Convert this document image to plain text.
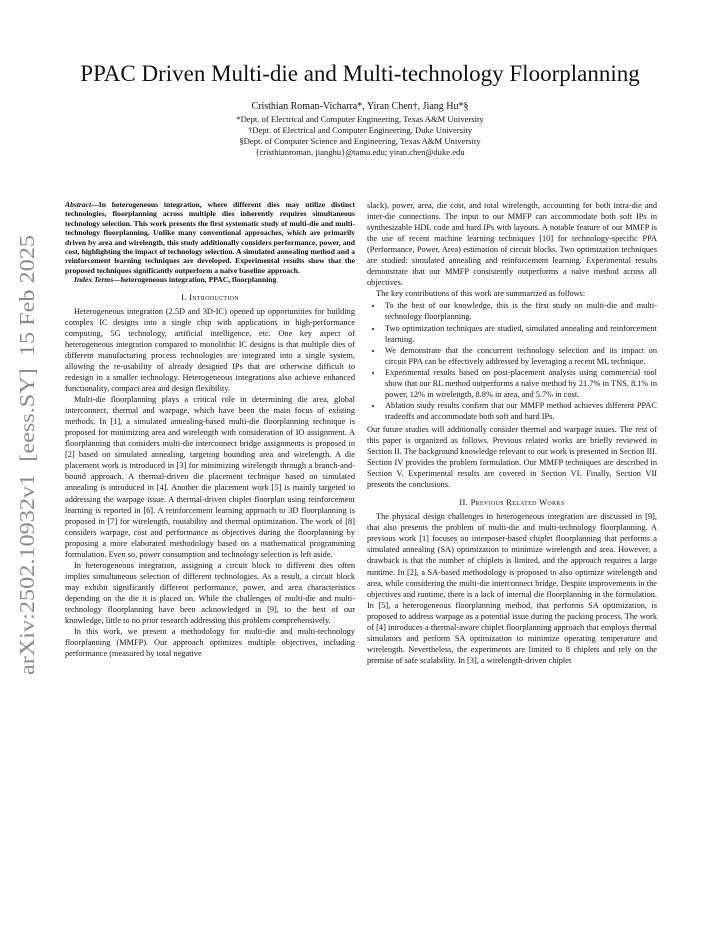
arXiv:2502.10932v1  [eess.SY]  15 Feb 2025
PPAC Driven Multi-die and Multi-technology Floorplanning
Cristhian Roman-Vicharra*, Yiran Chen†, Jiang Hu*§
*Dept. of Electrical and Computer Engineering, Texas A&M University
†Dept. of Electrical and Computer Engineering, Duke University
§Dept. of Computer Science and Engineering, Texas A&M University
{cristhianroman, jianghu}@tamu.edu; yiran.chen@duke.edu
Abstract—In heterogeneous integration, where different dies may utilize distinct technologies, floorplanning across multiple dies inherently requires simultaneous technology selection. This work presents the first systematic study of multi-die and multi-technology floorplanning. Unlike many conventional approaches, which are primarily driven by area and wirelength, this study additionally considers performance, power, and cost, highlighting the impact of technology selection. A simulated annealing method and a reinforcement learning techniques are developed. Experimental results show that the proposed techniques significantly outperform a naïve baseline approach.
Index Terms—heterogeneous integration, PPAC, floorplanning
I. Introduction

Heterogeneous integration (2.5D and 3D-IC) opened up opportunities for building complex IC designs into a single chip with applications in high-performance computing, 5G technology, artificial intelligence, etc. One key aspect of heterogeneous integration compared to monolithic IC designs is that multiple dies of different manufacturing process technologies are integrated into a single system, allowing the re-usability of already designed IPs that are otherwise difficult to redesign in a smaller technology. Heterogeneous integrations also achieve enhanced functionality, compact area and design flexibility.

Multi-die floorplanning plays a critical role in determining die area, global interconnect, thermal and warpage, which have been the main focus of existing methods. In [1], a simulated annealing-based multi-die floorplanning technique is proposed for minimizing area and wirelength with consideration of IO assignment. A floorplanning that considers multi-die interconnect bridge assignments is proposed in [2] based on simulated annealing, targeting bounding area and wirelength. A die placement work is introduced in [3] for minimizing wirelength through a branch-and-bound approach. A thermal-driven die placement technique based on simulated annealing is introduced in [4]. Another die placement work [5] is mainly targeted to addressing the warpage issue. A thermal-driven chiplet floorplan using reinforcement learning is reported in [6]. A reinforcement learning approach to 3D floorplanning is proposed in [7] for wirelength, routability and thermal optimization. The work of [8] considers warpage, cost and performance as objectives during the floorplanning by proposing a more elaborated methodology based on a mathematical programming formulation. Even so, power consumption and technology selection is left aside.

In heterogeneous integration, assigning a circuit block to different dies often implies simultaneous selection of different technologies. As a result, a circuit block may exhibit significantly different performance, power, and area characteristics depending on the die it is placed on. While the challenges of multi-die and multi-technology floorplanning have been acknowledged in [9], to the best of our knowledge, little to no prior research addressing this problem comprehensively.

In this work, we present a methodology for multi-die and multi-technology floorplanning (MMFP). Our approach optimizes multiple objectives, including performance (measured by total negative

slack), power, area, die cost, and total wirelength, accounting for both intra-die and inter-die connections. The input to our MMFP can accommodate both soft IPs in synthesizable HDL code and hard IPs with layouts. A notable feature of our MMFP is the use of recent machine learning techniques [10] for technology-specific PPA (Performance, Power, Area) estimation of circuit blocks. Two optimization techniques are studied: simulated annealing and reinforcement learning. Experimental results demonstrate that our MMFP consistently outperforms a naïve method across all objectives.

The key contributions of this work are summarized as follows:

• To the best of our knowledge, this is the first study on multi-die and multi-technology floorplanning.
• Two optimization techniques are studied, simulated annealing and reinforcement learning.
• We demonstrate that the concurrent technology selection and its impact on circuit PPA can be effectively addressed by leveraging a recent ML technique.
• Experimental results based on post-placement analysis using commercial tool show that our RL method outperforms a naïve method by 21.7% in TNS, 8.1% in power, 12% in wirelength, 8.8% in area, and 5.7% in cost.
• Ablation study results confirm that our MMFP method achieves different PPAC tradeoffs and accommodate both soft and hard IPs.

Our future studies will additionally consider thermal and warpage issues. The rest of this paper is organized as follows. Previous related works are briefly reviewed in Section II. The background knowledge relevant to our work is presented in Section III. Section IV provides the problem formulation. Our MMFP techniques are described in Section V. Experimental results are covered in Section VI. Finally, Section VII presents the conclusions.

II. Previous Related Works

The physical design challenges in heterogeneous integration are discussed in [9], that also presents the problem of multi-die and multi-technology floorplanning. A previous work [1] focuses on interposer-based chiplet floorplanning that performs a simulated annealing (SA) optimization to minimize wirelength and area. However, a drawback is that the number of chiplets is limited, and the approach requires a large runtime. In [2], a SA-based methodology is proposed to also optimize wirelength and area, while considering the multi-die interconnect bridge. Despite improvements in the objectives and runtime, there is a lack of internal die floorplanning in the formulation. In [5], a heterogeneous floorplanning method, that performs SA optimization, is proposed to address warpage as a potential issue during the packing process. The work of [4] introduces a thermal-aware chiplet floorplanning approach that employs thermal simulators and perform SA optimization to minimize operating temperature and wirelength. Nevertheless, the experiments are limited to 8 chiplets and rely on the premise of safe scalability. In [3], a wirelength-driven chiplet
